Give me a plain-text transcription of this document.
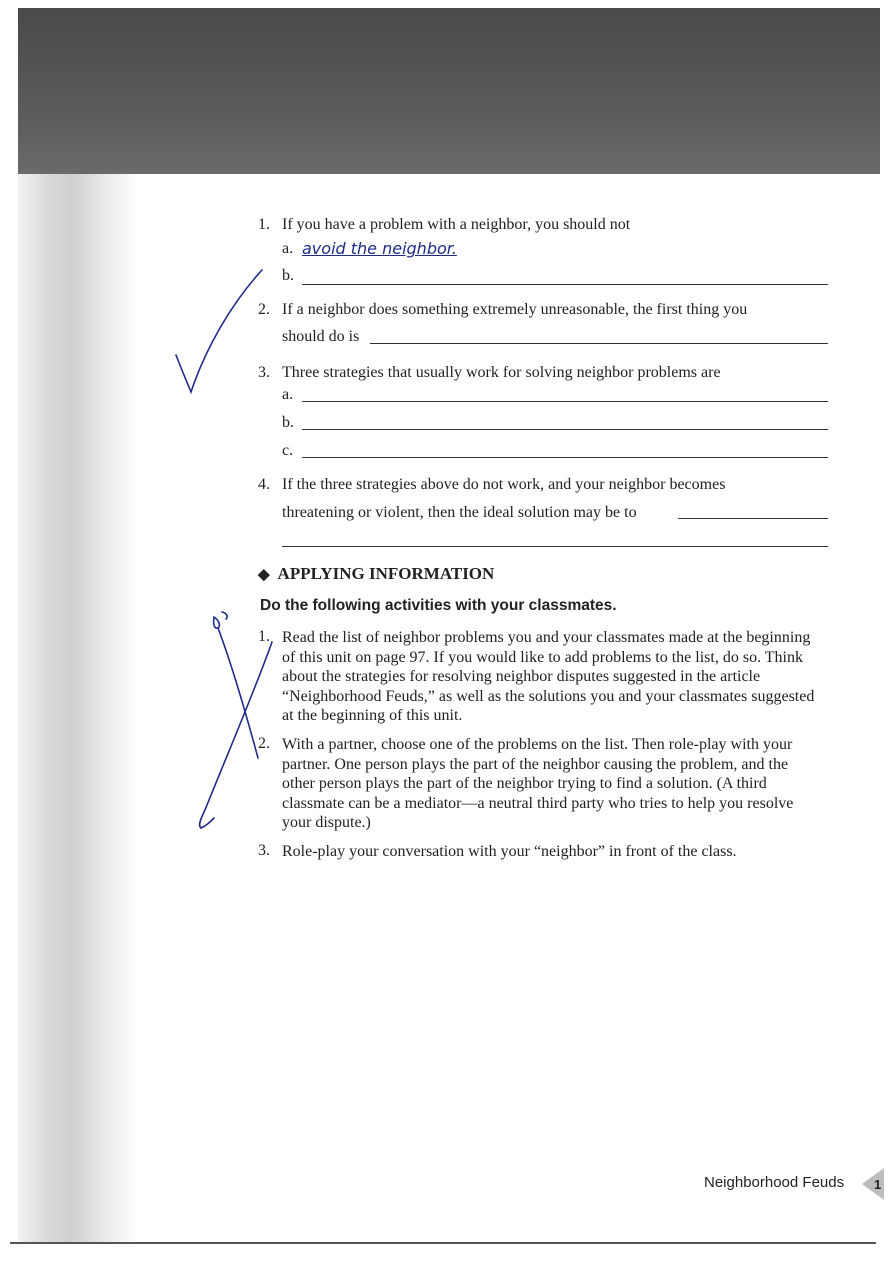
1. If you have a problem with a neighbor, you should not
a. avoid the neighbor.
b.
2. If a neighbor does something extremely unreasonable, the first thing you
should do is
3. Three strategies that usually work for solving neighbor problems are
a.
b.
c.
4. If the three strategies above do not work, and your neighbor becomes
threatening or violent, then the ideal solution may be to
◆ APPLYING INFORMATION
Do the following activities with your classmates.
1. Read the list of neighbor problems you and your classmates made at the beginning of this unit on page 97. If you would like to add problems to the list, do so. Think about the strategies for resolving neighbor disputes suggested in the article “Neighborhood Feuds,” as well as the solutions you and your classmates suggested at the beginning of this unit.
2. With a partner, choose one of the problems on the list. Then role-play with your partner. One person plays the part of the neighbor causing the problem, and the other person plays the part of the neighbor trying to find a solution. (A third classmate can be a mediator—a neutral third party who tries to help you resolve your dispute.)
3. Role-play your conversation with your “neighbor” in front of the class.
Neighborhood Feuds 1
